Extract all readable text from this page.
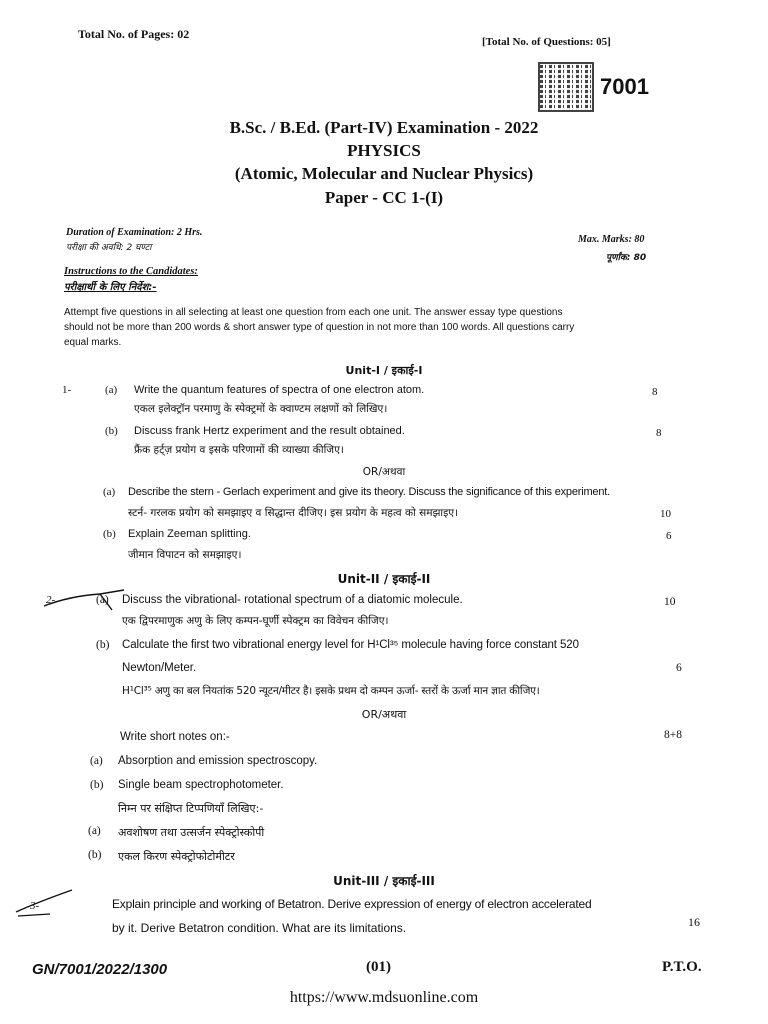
Total No. of Pages: 02
[Total No. of Questions: 05]
7001
B.Sc. / B.Ed. (Part-IV) Examination - 2022
PHYSICS
(Atomic, Molecular and Nuclear Physics)
Paper - CC 1-(I)
Duration of Examination: 2 Hrs.
परीक्षा की अवधि: 2 घण्टा
Max. Marks: 80
पूर्णांक: 80
Instructions to the Candidates:
परीक्षार्थी के लिए निर्देश:-
Attempt five questions in all selecting at least one question from each one unit. The answer essay type questions
should not be more than 200 words & short answer type of question in not more than 100 words. All questions carry
equal marks.
Unit-I / इकाई-I
1-	(a) Write the quantum features of spectra of one electron atom.
एकल इलेक्ट्रॉन परमाणु के स्पेक्ट्रमों के क्वाण्टम लक्षणों को लिखिए।
8
(b) Discuss frank Hertz experiment and the result obtained.
फ्रैंक हर्ट्ज़ प्रयोग व इसके परिणामों की व्याख्या कीजिए।
8
OR/अथवा
(a) Describe the stern - Gerlach experiment and give its theory. Discuss the significance of this experiment.
स्टर्न- गरलक प्रयोग को समझाइए व सिद्धान्त दीजिए। इस प्रयोग के महत्व को समझाइए।	10
(b) Explain Zeeman splitting.
जीमान विपाटन को समझाइए।
6
Unit-II / इकाई-II
2-	(a) Discuss the vibrational- rotational spectrum of a diatomic molecule.
एक द्विपरमाणुक अणु के लिए कम्पन-घूर्णी स्पेक्ट्रम का विवेचन कीजिए।
10
(b) Calculate the first two vibrational energy level for H¹Cl³⁵ molecule having force constant 520
Newton/Meter.
H¹Cl³⁵ अणु का बल नियतांक 520 न्यूटन/मीटर है। इसके प्रथम दो कम्पन ऊर्जा- स्तरों के ऊर्जा मान ज्ञात कीजिए।
6
OR/अथवा
Write short notes on:-	8+8
(a) Absorption and emission spectroscopy.
(b) Single beam spectrophotometer.
निम्न पर संक्षिप्त टिप्पणियाँ लिखिए:-
(a) अवशोषण तथा उत्सर्जन स्पेक्ट्रोस्कोपी
(b) एकल किरण स्पेक्ट्रोफोटोमीटर
Unit-III / इकाई-III
3-	Explain principle and working of Betatron. Derive expression of energy of electron accelerated
by it. Derive Betatron condition. What are its limitations.	16
GN/7001/2022/1300	(01)	P.T.O.
https://www.mdsuonline.com
